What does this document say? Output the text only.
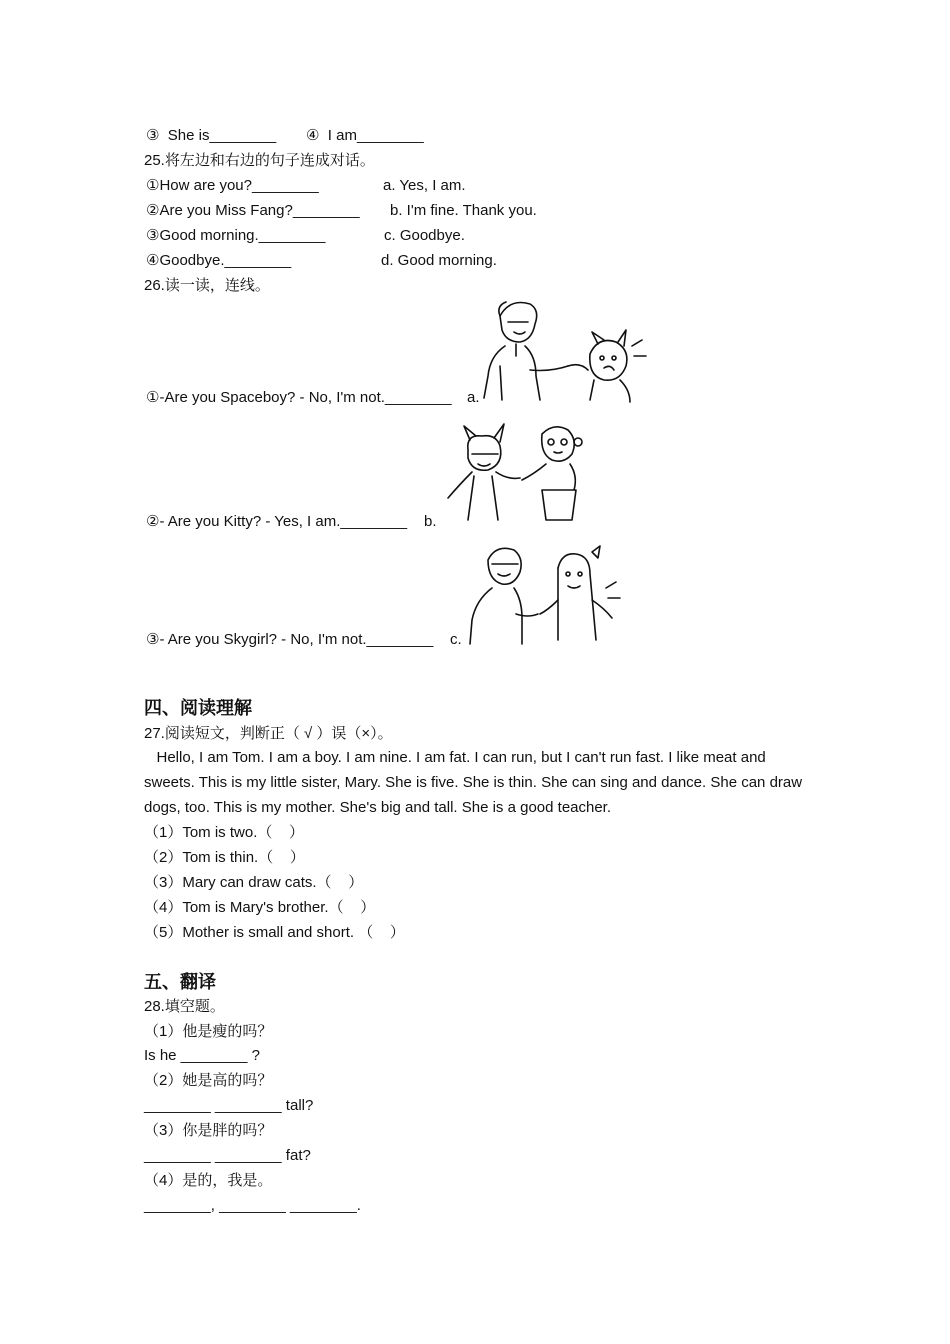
③  She is________ ④  I am________
25.将左边和右边的句子连成对话。
①How are you?________	a. Yes, I am.
②Are you Miss Fang?________ b. I'm fine. Thank you.
③Good morning.________	c. Goodbye.
④Goodbye.________	d. Good morning.
26.读一读，连线。
①-Are you Spaceboy? - No, I'm not.________ a.
②- Are you Kitty? - Yes, I am.________ b.
③- Are you Skygirl? - No, I'm not.________ c.
四、阅读理解
27.阅读短文，判断正（ √ ）误（×）。
Hello, I am Tom. I am a boy. I am nine. I am fat. I can run, but I can't run fast. I like meat and
sweets. This is my little sister, Mary. She is five. She is thin. She can sing and dance. She can draw
dogs, too. This is my mother. She's big and tall. She is a good teacher.
（1）Tom is two.（    ）
（2）Tom is thin.（    ）
（3）Mary can draw cats.（    ）
（4）Tom is Mary's brother.（    ）
（5）Mother is small and short. （    ）
五、翻译
28.填空题。
（1）他是瘦的吗？
Is he ________ ?
（2）她是高的吗？
________ ________ tall?
（3）你是胖的吗？
________ ________ fat?
（4）是的，我是。
________, ________ ________.
